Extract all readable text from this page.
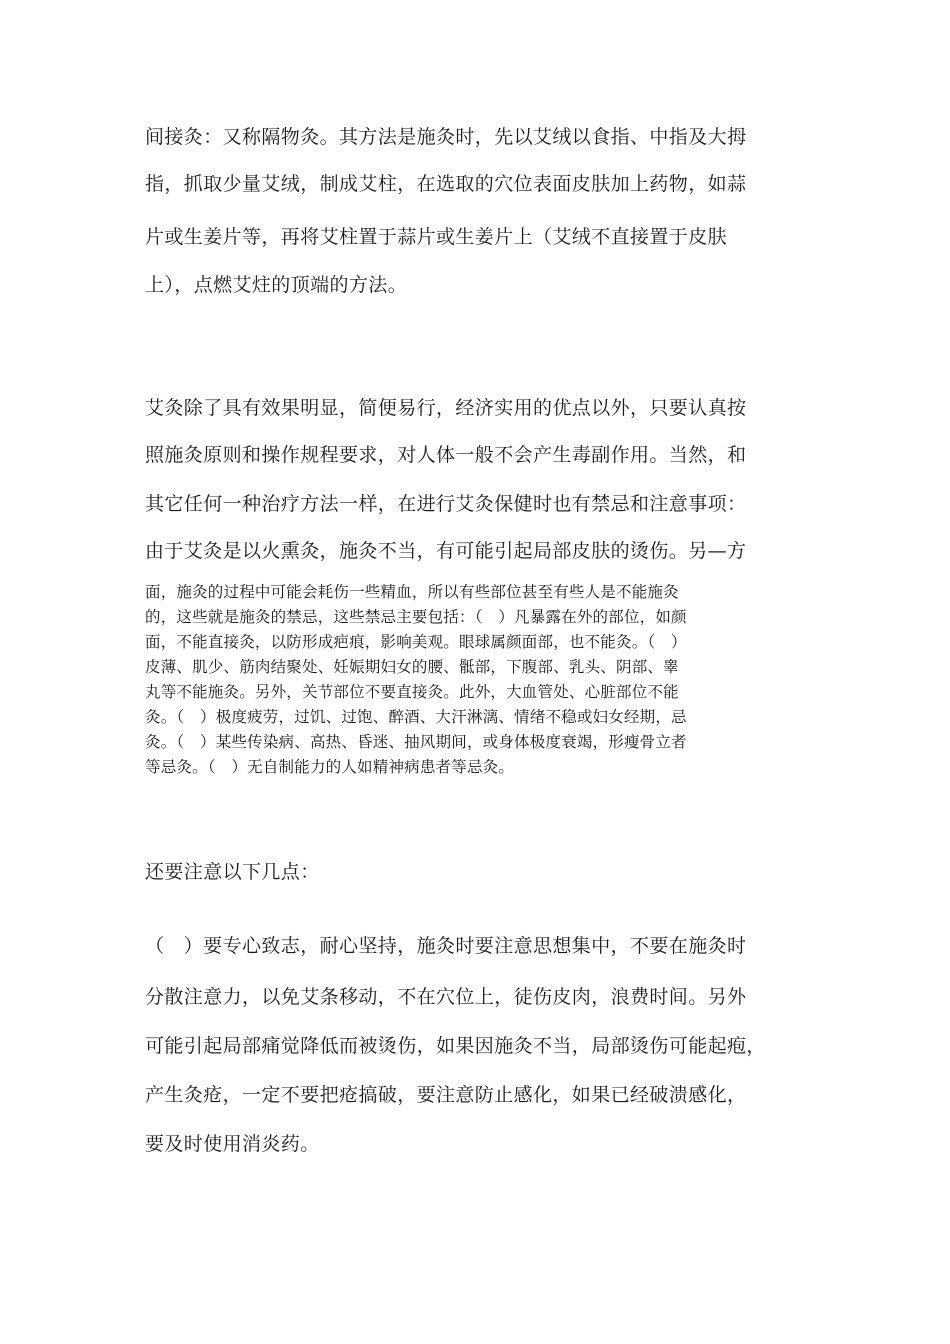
间接灸：又称隔物灸。其方法是施灸时，先以艾绒以食指、中指及大拇
指，抓取少量艾绒，制成艾柱，在选取的穴位表面皮肤加上药物，如蒜
片或生姜片等，再将艾柱置于蒜片或生姜片上（艾绒不直接置于皮肤
上），点燃艾炷的顶端的方法。
艾灸除了具有效果明显，简便易行，经济实用的优点以外，只要认真按
照施灸原则和操作规程要求，对人体一般不会产生毒副作用。当然，和
其它任何一种治疗方法一样，在进行艾灸保健时也有禁忌和注意事项：
由于艾灸是以火熏灸，施灸不当，有可能引起局部皮肤的烫伤。另—方
面，施灸的过程中可能会耗伤一些精血，所以有些部位甚至有些人是不能施灸
的，这些就是施灸的禁忌，这些禁忌主要包括：（　）凡暴露在外的部位，如颜
面，不能直接灸，以防形成疤痕，影响美观。眼球属颜面部，也不能灸。（　）
皮薄、肌少、筋肉结聚处、妊娠期妇女的腰、骶部，下腹部、乳头、阴部、睾
丸等不能施灸。另外，关节部位不要直接灸。此外，大血管处、心脏部位不能
灸。（　）极度疲劳，过饥、过饱、醉酒、大汗淋漓、情绪不稳或妇女经期，忌
灸。（　）某些传染病、高热、昏迷、抽风期间，或身体极度衰竭，形瘦骨立者
等忌灸。（　）无自制能力的人如精神病患者等忌灸。
还要注意以下几点：
（　）要专心致志，耐心坚持，施灸时要注意思想集中，不要在施灸时
分散注意力，以免艾条移动，不在穴位上，徒伤皮肉，浪费时间。另外
可能引起局部痛觉降低而被烫伤，如果因施灸不当，局部烫伤可能起疱，
产生灸疮，一定不要把疮搞破，要注意防止感化，如果已经破溃感化，
要及时使用消炎药。
